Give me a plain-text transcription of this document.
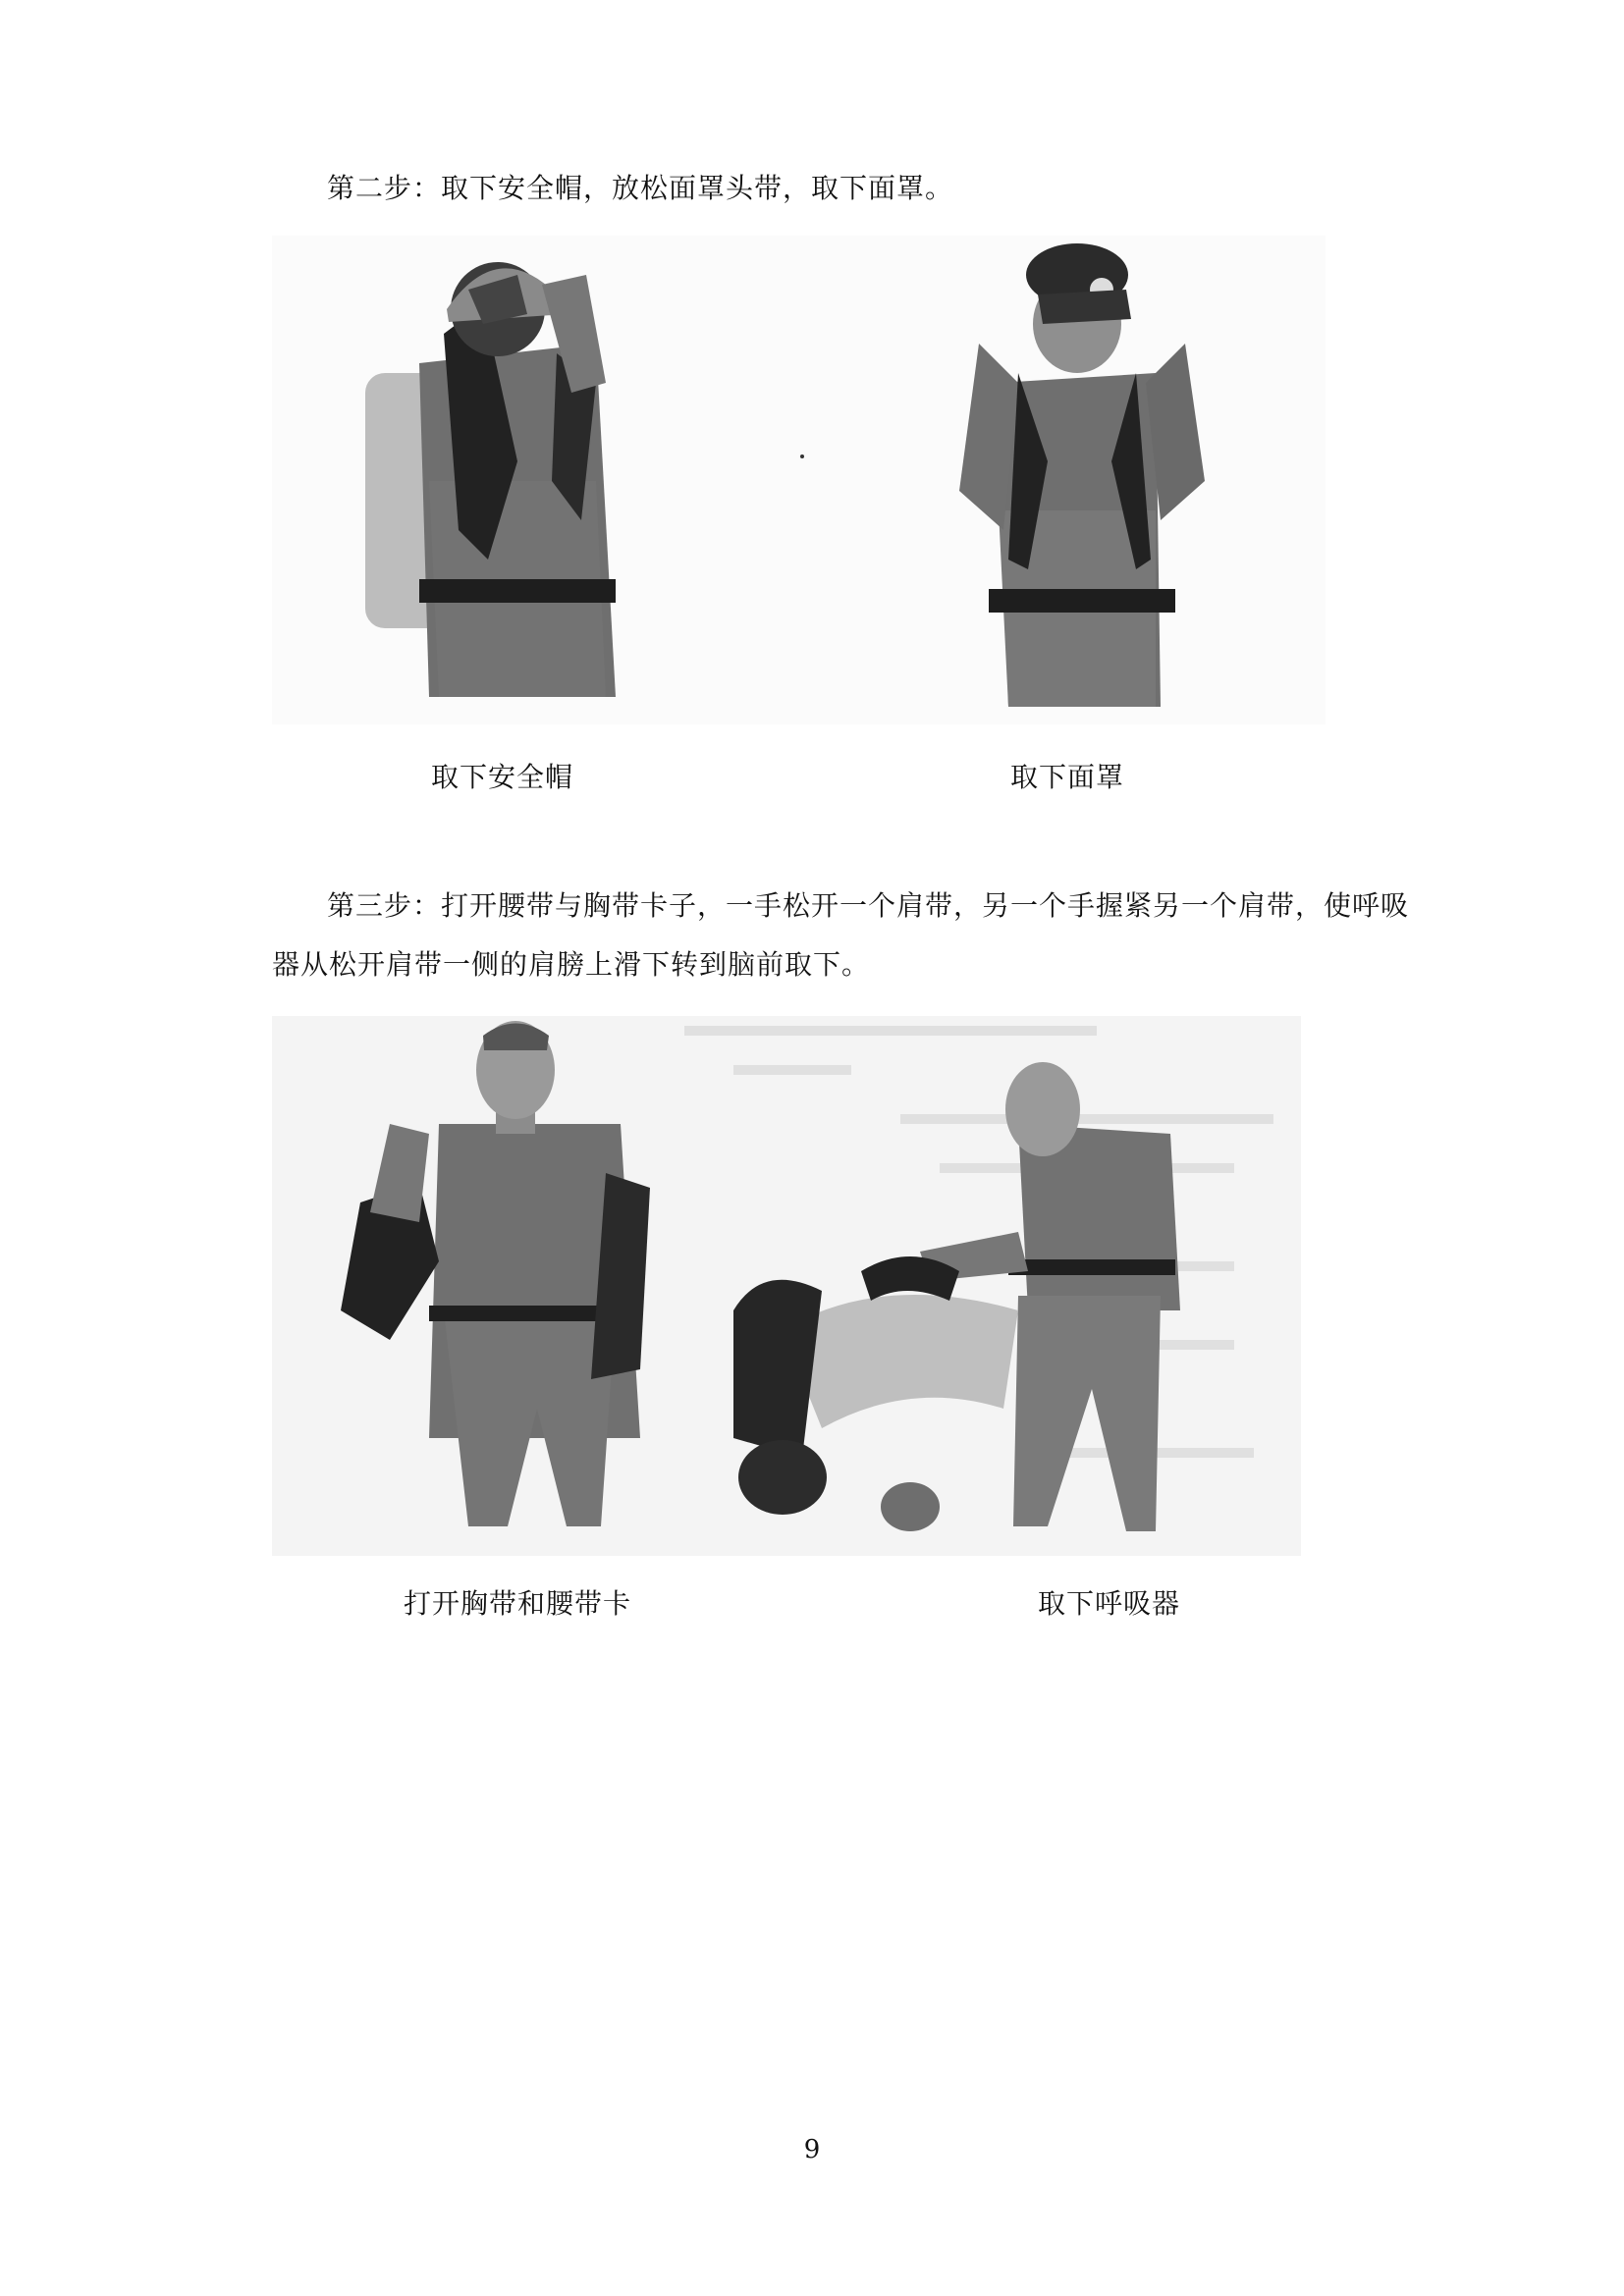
第二步：取下安全帽，放松面罩头带，取下面罩。

取下安全帽	取下面罩

第三步：打开腰带与胸带卡子，一手松开一个肩带，另一个手握紧另一个肩带，使呼吸器从松开肩带一侧的肩膀上滑下转到脑前取下。

打开胸带和腰带卡	取下呼吸器

9
